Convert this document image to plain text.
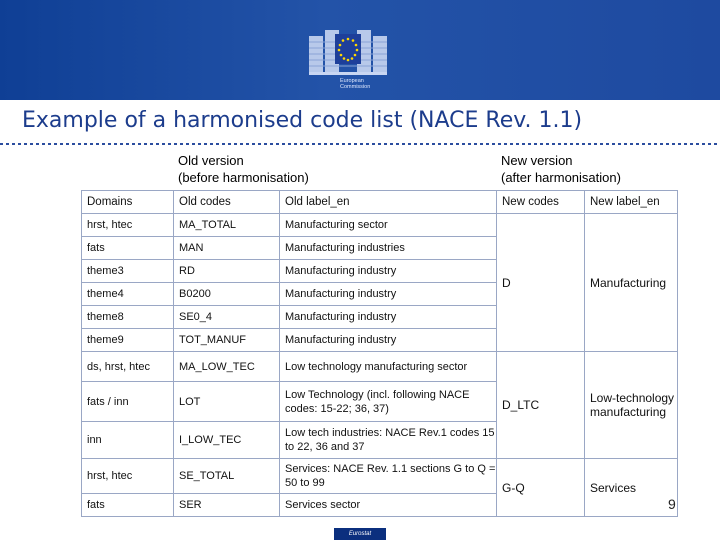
European
Commission
Example of a harmonised code list (NACE Rev. 1.1)
Old version
(before harmonisation)
New version
(after harmonisation)
Domains	Old codes	Old label_en	New codes	New label_en
hrst, htec	MA_TOTAL	Manufacturing sector	D	Manufacturing
fats	MAN	Manufacturing industries		
theme3	RD	Manufacturing industry		
theme4	B0200	Manufacturing industry		
theme8	SE0_4	Manufacturing industry		
theme9	TOT_MANUF	Manufacturing industry		
ds, hrst, htec	MA_LOW_TEC	Low technology manufacturing sector	D_LTC	Low-technology manufacturing
fats / inn	LOT	Low Technology (incl. following NACE codes: 15-22; 36, 37)		
inn	I_LOW_TEC	Low tech industries: NACE Rev.1 codes 15 to 22, 36 and 37		
hrst, htec	SE_TOTAL	Services: NACE Rev. 1.1 sections G to Q = 50 to 99	G-Q	Services
fats	SER	Services sector			9
Eurostat
